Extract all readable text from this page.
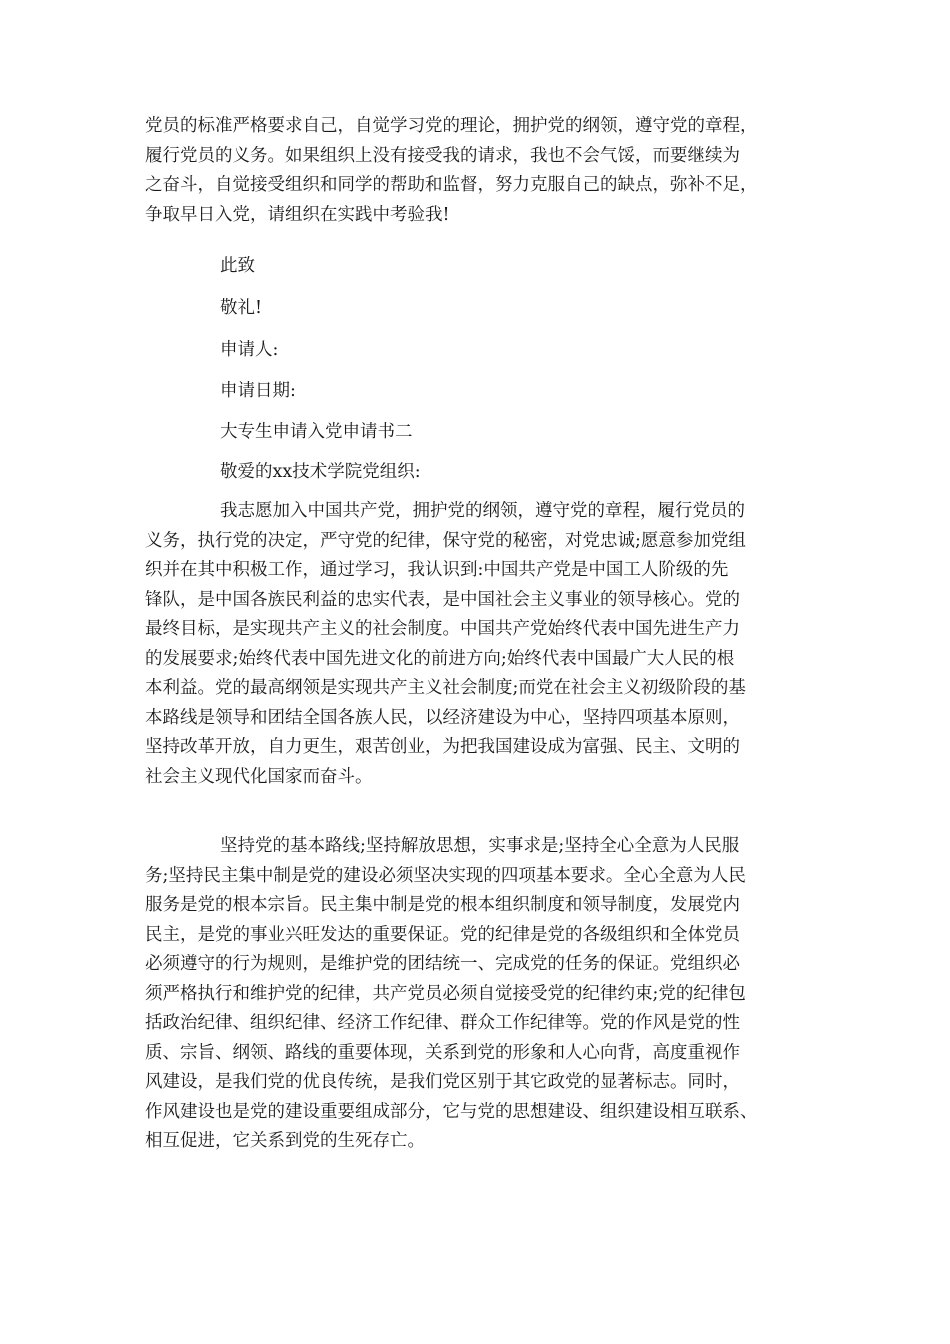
党员的标准严格要求自己，自觉学习党的理论，拥护党的纲领，遵守党的章程，
履行党员的义务。如果组织上没有接受我的请求，我也不会气馁，而要继续为
之奋斗，自觉接受组织和同学的帮助和监督，努力克服自己的缺点，弥补不足，
争取早日入党，请组织在实践中考验我!
此致
敬礼!
申请人:
申请日期:
大专生申请入党申请书二
敬爱的xx技术学院党组织:
我志愿加入中国共产党，拥护党的纲领，遵守党的章程，履行党员的
义务，执行党的决定，严守党的纪律，保守党的秘密，对党忠诚;愿意参加党组
织并在其中积极工作，通过学习，我认识到:中国共产党是中国工人阶级的先
锋队，是中国各族民利益的忠实代表，是中国社会主义事业的领导核心。党的
最终目标，是实现共产主义的社会制度。中国共产党始终代表中国先进生产力
的发展要求;始终代表中国先进文化的前进方向;始终代表中国最广大人民的根
本利益。党的最高纲领是实现共产主义社会制度;而党在社会主义初级阶段的基
本路线是领导和团结全国各族人民，以经济建设为中心，坚持四项基本原则，
坚持改革开放，自力更生，艰苦创业，为把我国建设成为富强、民主、文明的
社会主义现代化国家而奋斗。
坚持党的基本路线;坚持解放思想，实事求是;坚持全心全意为人民服
务;坚持民主集中制是党的建设必须坚决实现的四项基本要求。全心全意为人民
服务是党的根本宗旨。民主集中制是党的根本组织制度和领导制度，发展党内
民主，是党的事业兴旺发达的重要保证。党的纪律是党的各级组织和全体党员
必须遵守的行为规则，是维护党的团结统一、完成党的任务的保证。党组织必
须严格执行和维护党的纪律，共产党员必须自觉接受党的纪律约束;党的纪律包
括政治纪律、组织纪律、经济工作纪律、群众工作纪律等。党的作风是党的性
质、宗旨、纲领、路线的重要体现，关系到党的形象和人心向背，高度重视作
风建设，是我们党的优良传统，是我们党区别于其它政党的显著标志。同时，
作风建设也是党的建设重要组成部分，它与党的思想建设、组织建设相互联系、
相互促进，它关系到党的生死存亡。
